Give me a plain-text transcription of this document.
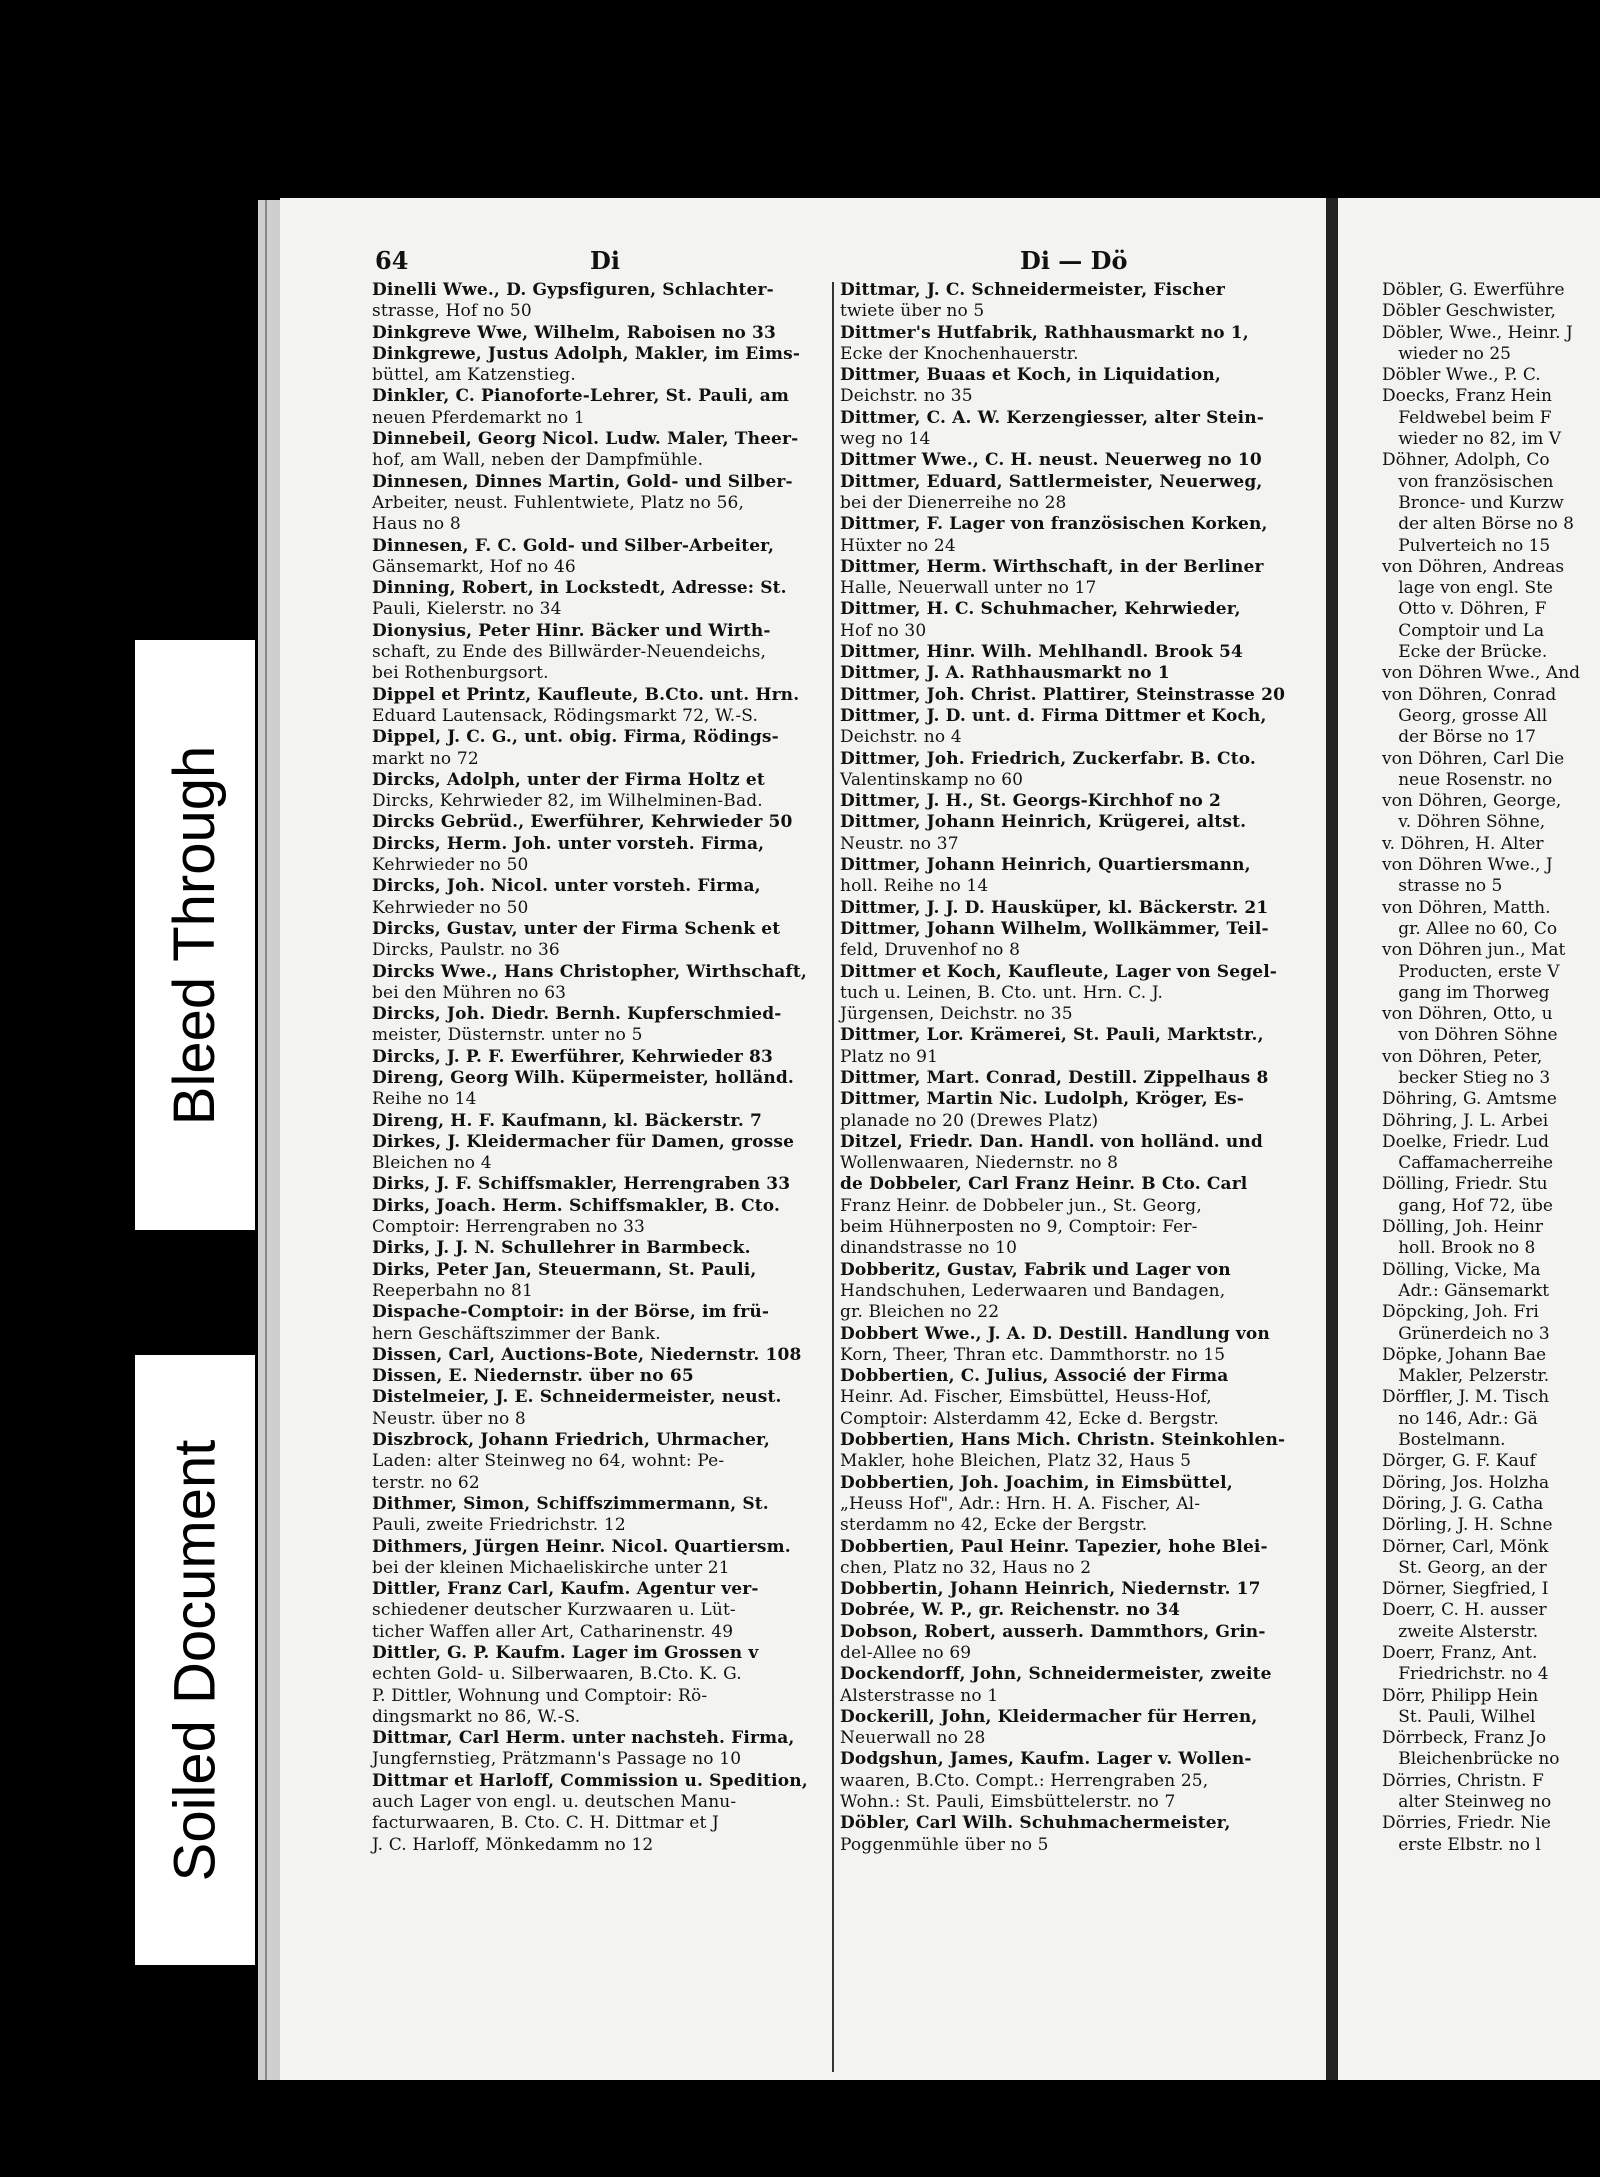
Bleed Through
Soiled Document
64	Di	Di — Dö
Dinelli Wwe., D. Gypsfiguren, Schlachter-
strasse, Hof no 50
Dinkgreve Wwe, Wilhelm, Raboisen no 33
Dinkgrewe, Justus Adolph, Makler, im Eims-
büttel, am Katzenstieg.
Dinkler, C. Pianoforte-Lehrer, St. Pauli, am
neuen Pferdemarkt no 1
Dinnebeil, Georg Nicol. Ludw. Maler, Theer-
hof, am Wall, neben der Dampfmühle.
Dinnesen, Dinnes Martin, Gold- und Silber-
Arbeiter, neust. Fuhlentwiete, Platz no 56,
Haus no 8
Dinnesen, F. C. Gold- und Silber-Arbeiter,
Gänsemarkt, Hof no 46
Dinning, Robert, in Lockstedt, Adresse: St.
Pauli, Kielerstr. no 34
Dionysius, Peter Hinr. Bäcker und Wirth-
schaft, zu Ende des Billwärder-Neuendeichs,
bei Rothenburgsort.
Dippel et Printz, Kaufleute, B.Cto. unt. Hrn.
Eduard Lautensack, Rödingsmarkt 72, W.-S.
Dippel, J. C. G., unt. obig. Firma, Rödings-
markt no 72
Dircks, Adolph, unter der Firma Holtz et
Dircks, Kehrwieder 82, im Wilhelminen-Bad.
Dircks Gebrüd., Ewerführer, Kehrwieder 50
Dircks, Herm. Joh. unter vorsteh. Firma,
Kehrwieder no 50
Dircks, Joh. Nicol. unter vorsteh. Firma,
Kehrwieder no 50
Dircks, Gustav, unter der Firma Schenk et
Dircks, Paulstr. no 36
Dircks Wwe., Hans Christopher, Wirthschaft,
bei den Mühren no 63
Dircks, Joh. Diedr. Bernh. Kupferschmied-
meister, Düsternstr. unter no 5
Dircks, J. P. F. Ewerführer, Kehrwieder 83
Direng, Georg Wilh. Küpermeister, holländ.
Reihe no 14
Direng, H. F. Kaufmann, kl. Bäckerstr. 7
Dirkes, J. Kleidermacher für Damen, grosse
Bleichen no 4
Dirks, J. F. Schiffsmakler, Herrengraben 33
Dirks, Joach. Herm. Schiffsmakler, B. Cto.
Comptoir: Herrengraben no 33
Dirks, J. J. N. Schullehrer in Barmbeck.
Dirks, Peter Jan, Steuermann, St. Pauli,
Reeperbahn no 81
Dispache-Comptoir: in der Börse, im frü-
hern Geschäftszimmer der Bank.
Dissen, Carl, Auctions-Bote, Niedernstr. 108
Dissen, E. Niedernstr. über no 65
Distelmeier, J. E. Schneidermeister, neust.
Neustr. über no 8
Diszbrock, Johann Friedrich, Uhrmacher,
Laden: alter Steinweg no 64, wohnt: Pe-
terstr. no 62
Dithmer, Simon, Schiffszimmermann, St.
Pauli, zweite Friedrichstr. 12
Dithmers, Jürgen Heinr. Nicol. Quartiersm.
bei der kleinen Michaeliskirche unter 21
Dittler, Franz Carl, Kaufm. Agentur ver-
schiedener deutscher Kurzwaaren u. Lüt-
ticher Waffen aller Art, Catharinenstr. 49
Dittler, G. P. Kaufm. Lager im Grossen v
echten Gold- u. Silberwaaren, B.Cto. K. G.
P. Dittler, Wohnung und Comptoir: Rö-
dingsmarkt no 86, W.-S.
Dittmar, Carl Herm. unter nachsteh. Firma,
Jungfernstieg, Prätzmann's Passage no 10
Dittmar et Harloff, Commission u. Spedition,
auch Lager von engl. u. deutschen Manu-
facturwaaren, B. Cto. C. H. Dittmar et J
J. C. Harloff, Mönkedamm no 12
Dittmar, J. C. Schneidermeister, Fischer
twiete über no 5
Dittmer's Hutfabrik, Rathhausmarkt no 1,
Ecke der Knochenhauerstr.
Dittmer, Buaas et Koch, in Liquidation,
Deichstr. no 35
Dittmer, C. A. W. Kerzengiesser, alter Stein-
weg no 14
Dittmer Wwe., C. H. neust. Neuerweg no 10
Dittmer, Eduard, Sattlermeister, Neuerweg,
bei der Dienerreihe no 28
Dittmer, F. Lager von französischen Korken,
Hüxter no 24
Dittmer, Herm. Wirthschaft, in der Berliner
Halle, Neuerwall unter no 17
Dittmer, H. C. Schuhmacher, Kehrwieder,
Hof no 30
Dittmer, Hinr. Wilh. Mehlhandl. Brook 54
Dittmer, J. A. Rathhausmarkt no 1
Dittmer, Joh. Christ. Plattirer, Steinstrasse 20
Dittmer, J. D. unt. d. Firma Dittmer et Koch,
Deichstr. no 4
Dittmer, Joh. Friedrich, Zuckerfabr. B. Cto.
Valentinskamp no 60
Dittmer, J. H., St. Georgs-Kirchhof no 2
Dittmer, Johann Heinrich, Krügerei, altst.
Neustr. no 37
Dittmer, Johann Heinrich, Quartiersmann,
holl. Reihe no 14
Dittmer, J. J. D. Hausküper, kl. Bäckerstr. 21
Dittmer, Johann Wilhelm, Wollkämmer, Teil-
feld, Druvenhof no 8
Dittmer et Koch, Kaufleute, Lager von Segel-
tuch u. Leinen, B. Cto. unt. Hrn. C. J.
Jürgensen, Deichstr. no 35
Dittmer, Lor. Krämerei, St. Pauli, Marktstr.,
Platz no 91
Dittmer, Mart. Conrad, Destill. Zippelhaus 8
Dittmer, Martin Nic. Ludolph, Kröger, Es-
planade no 20 (Drewes Platz)
Ditzel, Friedr. Dan. Handl. von holländ. und
Wollenwaaren, Niedernstr. no 8
de Dobbeler, Carl Franz Heinr. B Cto. Carl
Franz Heinr. de Dobbeler jun., St. Georg,
beim Hühnerposten no 9, Comptoir: Fer-
dinandstrasse no 10
Dobberitz, Gustav, Fabrik und Lager von
Handschuhen, Lederwaaren und Bandagen,
gr. Bleichen no 22
Dobbert Wwe., J. A. D. Destill. Handlung von
Korn, Theer, Thran etc. Dammthorstr. no 15
Dobbertien, C. Julius, Associé der Firma
Heinr. Ad. Fischer, Eimsbüttel, Heuss-Hof,
Comptoir: Alsterdamm 42, Ecke d. Bergstr.
Dobbertien, Hans Mich. Christn. Steinkohlen-
Makler, hohe Bleichen, Platz 32, Haus 5
Dobbertien, Joh. Joachim, in Eimsbüttel,
„Heuss Hof", Adr.: Hrn. H. A. Fischer, Al-
sterdamm no 42, Ecke der Bergstr.
Dobbertien, Paul Heinr. Tapezier, hohe Blei-
chen, Platz no 32, Haus no 2
Dobbertin, Johann Heinrich, Niedernstr. 17
Dobrée, W. P., gr. Reichenstr. no 34
Dobson, Robert, ausserh. Dammthors, Grin-
del-Allee no 69
Dockendorff, John, Schneidermeister, zweite
Alsterstrasse no 1
Dockerill, John, Kleidermacher für Herren,
Neuerwall no 28
Dodgshun, James, Kaufm. Lager v. Wollen-
waaren, B.Cto. Compt.: Herrengraben 25,
Wohn.: St. Pauli, Eimsbüttelerstr. no 7
Döbler, Carl Wilh. Schuhmachermeister,
Poggenmühle über no 5
Döbler, G. Ewerführe
Döbler Geschwister,
Döbler, Wwe., Heinr. J
wieder no 25
Döbler Wwe., P. C.
Doecks, Franz Hein
Feldwebel beim F
wieder no 82, im V
Döhner, Adolph, Co
von französischen
Bronce- und Kurzw
der alten Börse no 8
Pulverteich no 15
von Döhren, Andreas
lage von engl. Ste
Otto v. Döhren, F
Comptoir und La
Ecke der Brücke.
von Döhren Wwe., And
von Döhren, Conrad
Georg, grosse All
der Börse no 17
von Döhren, Carl Die
neue Rosenstr. no
von Döhren, George,
v. Döhren Söhne,
v. Döhren, H. Alter
von Döhren Wwe., J
strasse no 5
von Döhren, Matth.
gr. Allee no 60, Co
von Döhren jun., Mat
Producten, erste V
gang im Thorweg
von Döhren, Otto, u
von Döhren Söhne
von Döhren, Peter,
becker Stieg no 3
Döhring, G. Amtsme
Döhring, J. L. Arbei
Doelke, Friedr. Lud
Caffamacherreihe
Dölling, Friedr. Stu
gang, Hof 72, übe
Dölling, Joh. Heinr
holl. Brook no 8
Dölling, Vicke, Ma
Adr.: Gänsemarkt
Döpcking, Joh. Fri
Grünerdeich no 3
Döpke, Johann Bae
Makler, Pelzerstr.
Dörffler, J. M. Tisch
no 146, Adr.: Gä
Bostelmann.
Dörger, G. F. Kauf
Döring, Jos. Holzha
Döring, J. G. Catha
Dörling, J. H. Schne
Dörner, Carl, Mönk
St. Georg, an der
Dörner, Siegfried, I
Doerr, C. H. ausser
zweite Alsterstr.
Doerr, Franz, Ant.
Friedrichstr. no 4
Dörr, Philipp Hein
St. Pauli, Wilhel
Dörrbeck, Franz Jo
Bleichenbrücke no
Dörries, Christn. F
alter Steinweg no
Dörries, Friedr. Nie
erste Elbstr. no l
